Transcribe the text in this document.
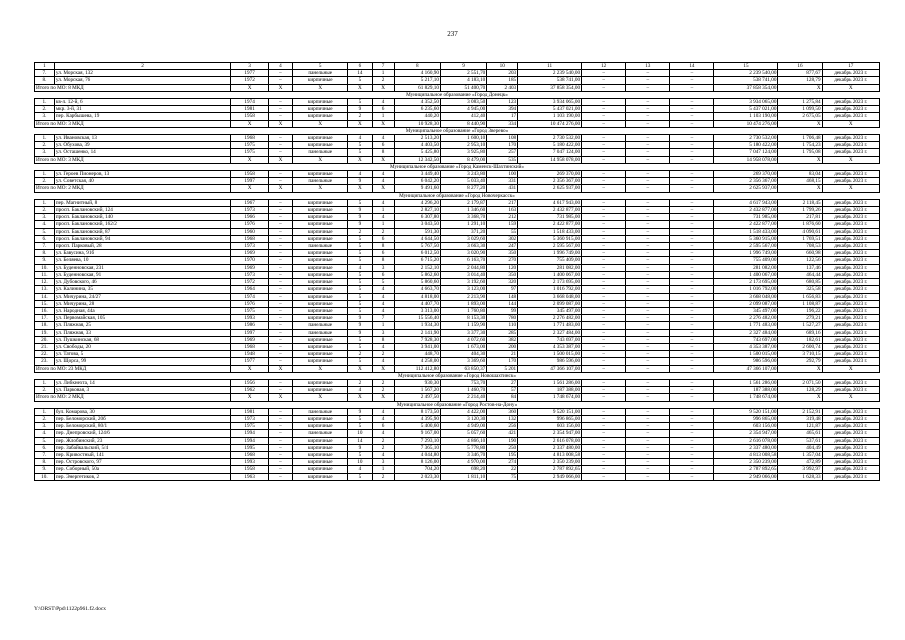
237
1	2	3	4	5	6	7	8	9	10	11	12	13	14	15	16	17
7.	ул. Морская, 132	1977	–	панельные	14	1	4 160,90	2 551,70	203	2 239 540,00	–	–	–	2 239 540,00	877,67	декабрь 2023 г.
8.	ул. Морская, 76	1972	–	кирпичные	5	2	5 217,10	4 183,10	185	538 741,00	–	–	–	538 741,00	128,79	декабрь 2023 г.
Итого по МО: 8 МКД		X	X	X	X	X	61 829,10	51 400,70	2 403	37 858 354,00	–	–	–	37 858 354,00	X	X
Муниципальное образование «Город Донецк»																
1.	кв-л. 12-й, 6	1974	–	кирпичные	5	4	4 352,50	3 083,50	123	3 934 065,00	–	–	–	3 934 065,00	1 275,84	декабрь 2023 г.
2.	мкр. 3-й, 31	1981	–	кирпичные	9	6	6 235,60	4 945,00	394	5 437 021,00	–	–	–	5 437 021,00	1 099,50	декабрь 2023 г.
3.	пер. Карбышева, 19	1958	–	кирпичные	2	1	440,20	412,40	17	1 103 190,00	–	–	–	1 103 190,00	2 675,05	декабрь 2023 г.
Итого по МО: 3 МКД		X	X	X	X	X	10 928,30	8 440,90	334	10 474 276,00	–	–	–	10 474 276,00	X	X
Муниципальное образование «Город Зверево»																
1.	ул. Ивановская, 13	1968	–	кирпичные	4	4	2 513,20	1 600,10	108	2 730 532,00	–	–	–	2 730 532,00	1 706,48	декабрь 2023 г.
2.	ул. Обухова, 39	1975	–	кирпичные	5	6	4 403,50	2 953,10	170	5 180 422,00	–	–	–	5 180 422,00	1 754,23	декабрь 2023 г.
3.	ул. Осташенко, 14	1975	–	панельные	5	8	5 425,80	3 925,80	257	7 047 124,00	–	–	–	7 047 124,00	1 795,08	декабрь 2023 г.
Итого по МО: 3 МКД		X	X	X	X	X	12 342,50	8 479,00	535	14 958 078,00	–	–	–	14 958 078,00	X	X
Муниципальное образование «Город Каменск-Шахтинский»																
1.	ул. Героев Пионеров, 13	1958	–	кирпичные	4	4	3 449,40	3 243,80	100	269 370,00	–	–	–	269 370,00	83,04	декабрь 2023 г.
2.	ул. Советская, 40	1997	–	панельные	9	4	6 042,20	5 033,40	331	2 356 367,00	–	–	–	2 356 367,00	468,15	декабрь 2023 г.
Итого по МО: 2 МКД		X	X	X	X	X	9 491,60	8 277,20	431	2 625 937,00	–	–	–	2 625 937,00	X	X
Муниципальное образование «Город Новочеркасск»																
1.	пер. Магнитный, 8	1967	–	кирпичные	5	4	4 296,20	2 179,87	217	4 617 943,00	–	–	–	4 617 943,00	2 118,45	декабрь 2023 г.
2.	просп. Баклановский, 124	1973	–	кирпичные	9	1	2 827,10	1 346,60	163	2 432 877,00	–	–	–	2 432 877,00	1 799,26	декабрь 2023 г.
3.	просп. Баклановский, 140	1966	–	кирпичные	9	4	6 307,80	3 368,70	212	731 985,00	–	–	–	731 985,00	217,81	декабрь 2023 г.
4.	просп. Баклановский, 162/2	1976	–	кирпичные	9	1	3 043,50	1 291,10	159	2 422 877,00	–	–	–	2 422 877,00	1 876,60	декабрь 2023 г.
5.	просп. Баклановский, 87	1960	–	кирпичные	2	2	591,30	371,20	55	1 518 433,00	–	–	–	1 518 433,00	4 090,61	декабрь 2023 г.
6.	просп. Баклановский, 94	1968	–	кирпичные	5	6	4 644,50	3 029,60	302	5 360 915,00	–	–	–	5 360 915,00	1 769,51	декабрь 2023 г.
7.	просп. Парковый, 28	1973	–	панельные	5	8	5 767,50	3 663,30	247	2 595 567,00	–	–	–	2 595 567,00	708,53	декабрь 2023 г.
8.	ул. Бавусина, 91б	1969	–	кирпичные	5	6	6 012,50	3 020,90	350	1 996 749,00	–	–	–	1 996 749,00	660,98	декабрь 2023 г.
9.	ул. Беляева, 10	1970	–	кирпичные	5	8	6 715,20	6 163,70	270	755 409,00	–	–	–	755 409,00	122,56	декабрь 2023 г.
10.	ул. Буденновская, 231	1969	–	кирпичные	4	3	2 152,10	2 044,80	120	281 082,00	–	–	–	281 082,00	137,46	декабрь 2023 г.
11.	ул. Буденновская, 91	1973	–	кирпичные	5	6	5 862,60	3 014,40	350	1 400 067,00	–	–	–	1 400 067,00	464,44	декабрь 2023 г.
12.	ул. Дубовского, 46	1972	–	кирпичные	5	5	5 860,60	3 192,60	320	2 173 695,00	–	–	–	2 173 695,00	680,85	декабрь 2023 г.
13.	ул. Калинина, 35	1964	–	кирпичные	5	4	4 663,70	3 123,00	97	1 016 792,00	–	–	–	1 016 792,00	325,58	декабрь 2023 г.
14.	ул. Мичурина, 24/27	1974	–	кирпичные	5	4	4 818,00	2 213,90	148	3 668 048,00	–	–	–	3 668 048,00	1 656,83	декабрь 2023 г.
15.	ул. Мичурина, 28	1976	–	кирпичные	5	4	4 407,70	1 893,00	144	2 099 087,00	–	–	–	2 099 087,00	1 108,87	декабрь 2023 г.
16.	ул. Народная, 44а	1975	–	кирпичные	5	4	3 313,00	1 760,80	99	345 497,00	–	–	–	345 497,00	196,22	декабрь 2023 г.
17.	ул. Первомайская, 105	1993	–	кирпичные	9	7	15 556,40	8 153,30	780	2 276 482,00	–	–	–	2 276 482,00	279,21	декабрь 2023 г.
18.	ул. Пляжная, 25	1986	–	панельные	9	1	1 934,30	1 159,90	110	1 771 483,00	–	–	–	1 771 483,00	1 527,27	декабрь 2023 г.
19.	ул. Пляжная, 33	1997	–	панельные	9	3	2 141,90	3 377,30	285	2 327 484,00	–	–	–	2 327 484,00	689,16	декабрь 2023 г.
20.	ул. Пушкинская, 68	1969	–	кирпичные	5	8	7 928,30	4 072,60	382	743 697,00	–	–	–	743 697,00	182,61	декабрь 2023 г.
21.	ул. Свободы, 20	1968	–	кирпичные	5	4	3 941,00	1 673,00	200	4 353 387,00	–	–	–	4 353 387,00	2 600,74	декабрь 2023 г.
22.	ул. Татова, 5	1948	–	кирпичные	2	2	448,70	404,30	21	1 500 015,00	–	–	–	1 500 015,00	3 710,15	декабрь 2023 г.
23.	ул. Щорса, 99	1977	–	кирпичные	5	4	4 258,00	3 369,60	170	986 596,00	–	–	–	986 596,00	292,79	декабрь 2023 г.
Итого по МО: 23 МКД		X	X	X	X	X	112 412,80	63 850,37	5 201	47 366 107,00	–	–	–	47 366 107,00	X	X
Муниципальное образование «Город Новошахтинск»																
1.	ул. Либкнехта, 14	1956	–	кирпичные	2	2	930,30	753,70	27	1 561 286,00	–	–	–	1 561 286,00	2 071,50	декабрь 2023 г.
2.	ул. Парковая, 3	1962	–	кирпичные	4	2	1 567,20	1 460,70	57	187 388,00	–	–	–	187 388,00	128,29	декабрь 2023 г.
Итого по МО: 2 МКД		X	X	X	X	X	2 497,50	2 214,40	84	1 748 674,00	–	–	–	1 748 674,00	X	X
Муниципальное образование «Город Ростов-на-Дону»																
1.	бул. Комарова, 30	1981	–	панельные	9	4	8 173,50	4 422,00	360	9 520 151,00	–	–	–	9 520 151,00	2 152,91	декабрь 2023 г.
2.	пер. Беломорский, 20б	1973	–	кирпичные	5	4	4 395,90	3 120,30	132	996 865,00	–	–	–	996 865,00	319,48	декабрь 2023 г.
3.	пер. Беломорский, 80/1	1975	–	кирпичные	5	6	5 400,60	4 949,00	256	603 156,00	–	–	–	603 156,00	121,87	декабрь 2023 г.
4.	пер. Днепровский, 124/6	1994	–	панельные	10	4	9 167,00	5 057,60	421	2 354 947,00	–	–	–	2 354 947,00	465,61	декабрь 2023 г.
5.	пер. Жлобинский, 23	1994	–	кирпичные	14	2	7 293,10	4 866,10	190	2 616 078,00	–	–	–	2 616 078,00	537,61	декабрь 2023 г.
6.	пер. Забайкальский, 5/4	1995	–	кирпичные	9	2	7 365,10	5 778,80	250	2 337 480,00	–	–	–	2 337 480,00	404,49	декабрь 2023 г.
7.	пер. Кривостный, 141	1968	–	кирпичные	5	4	4 044,80	3 346,70	195	4 813 008,58	–	–	–	4 813 008,58	1 357,04	декабрь 2023 г.
8.	пер. Островского, 97	1993	–	кирпичные	10	3	8 126,00	4 970,00	274	2 350 239,00	–	–	–	2 350 239,00	472,89	декабрь 2023 г.
9.	пер. Соборный, 50а	1958	–	кирпичные	4	1	704,20	698,20	22	2 787 892,65	–	–	–	2 787 892,65	3 992,97	декабрь 2023 г.
10.	пер. Энергетиков, 2	1963	–	кирпичные	5	2	2 023,30	1 811,10	75	2 949 066,00	–	–	–	2 949 066,00	1 628,33	декабрь 2023 г.
Y:\ORST\Ppd\1122p961.f2.docx
